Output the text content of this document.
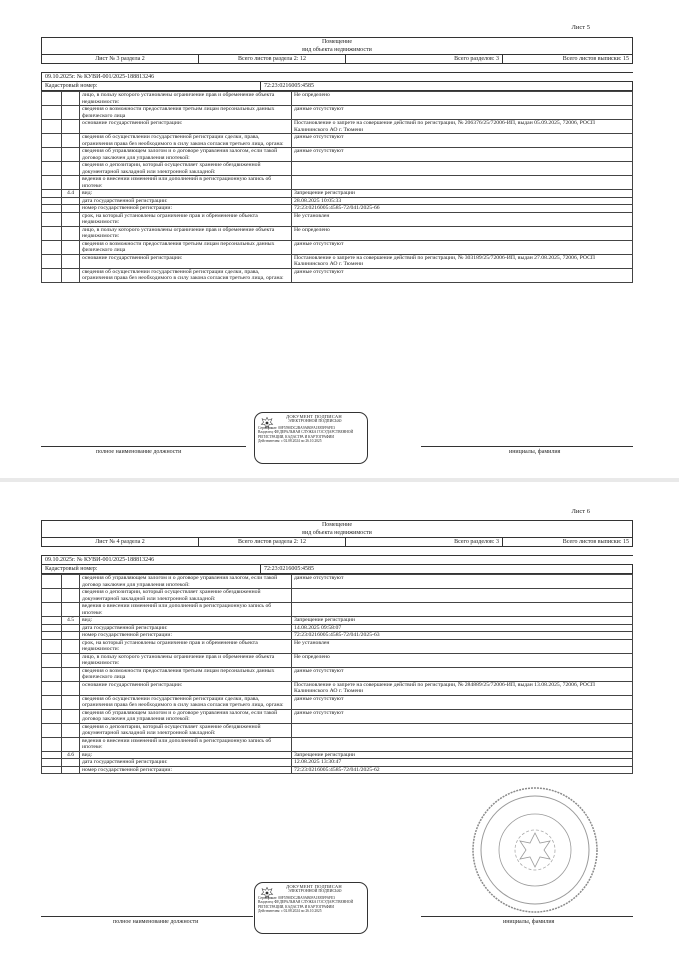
Лист 5
Помещение
вид объекта недвижимости
Лист № 3 раздела 2	Всего листов раздела 2: 12	Всего разделов: 3	Всего листов выписки: 15
09.10.2025г. № КУВИ-001/2025-188813246
Кадастровый номер:	72:23:0216005:4585
		лицо, в пользу которого установлены ограничение прав и обременение объекта недвижимости:	Не определено
		сведения о возможности предоставления третьим лицам персональных данных физического лица	данные отсутствуют
		основание государственной регистрации:	Постановление о запрете на совершение действий по регистрации, № 206376/25/72006-ИП, выдан 05.09.2025, 72006, РОСП Калининского АО г. Тюмени
		сведения об осуществлении государственной регистрации сделки, права, ограничения права без необходимого в силу закона согласия третьего лица, органа:	данные отсутствуют
		сведения об управляющем залогом и о договоре управления залогом, если такой договор заключен для управления ипотекой:	данные отсутствуют
		сведения о депозитарии, который осуществляет хранение обездвиженной документарной закладной или электронной закладной:	
		ведения о внесении изменений или дополнений в регистрационную запись об ипотеке:	
	4.4	вид:	Запрещение регистрации
		дата государственной регистрации:	28.08.2025 10:05:33
		номер государственной регистрации:	72:23:0216005:4585-72/041/2025-66
		срок, на который установлены ограничение прав и обременение объекта недвижимости:	Не установлен
		лицо, в пользу которого установлены ограничение прав и обременение объекта недвижимости:	Не определено
		сведения о возможности предоставления третьим лицам персональных данных физического лица	данные отсутствуют
		основание государственной регистрации:	Постановление о запрете на совершение действий по регистрации, № 303189/25/72006-ИП, выдан 27.08.2025, 72006, РОСП Калининского АО г. Тюмени
		сведения об осуществлении государственной регистрации сделки, права, ограничения права без необходимого в силу закона согласия третьего лица, органа:	данные отсутствуют
ДОКУМЕНТ ПОДПИСАН
ЭЛЕКТРОННОЙ ПОДПИСЬЮ
Сертификат: 00F5590DC2BA9AB0FA1E85FF6FE3
Владелец: ФЕДЕРАЛЬНАЯ СЛУЖБА ГОСУДАРСТВЕННОЙ
РЕГИСТРАЦИИ, КАДАСТРА И КАРТОГРАФИИ
Действителен: с 02.08.2024 по 26.10.2025
полное наименование должности	инициалы, фамилия
Лист 6
Помещение
вид объекта недвижимости
Лист № 4 раздела 2	Всего листов раздела 2: 12	Всего разделов: 3	Всего листов выписки: 15
09.10.2025г. № КУВИ-001/2025-188813246
Кадастровый номер:	72:23:0216005:4585
		сведения об управляющем залогом и о договоре управления залогом, если такой договор заключен для управления ипотекой:	данные отсутствуют
		сведения о депозитарии, который осуществляет хранение обездвиженной документарной закладной или электронной закладной:	
		ведения о внесении изменений или дополнений в регистрационную запись об ипотеке:	
	4.5	вид:	Запрещение регистрации
		дата государственной регистрации:	14.08.2025 09:58:07
		номер государственной регистрации:	72:23:0216005:4585-72/041/2025-63
		срок, на который установлены ограничение прав и обременение объекта недвижимости:	Не установлен
		лицо, в пользу которого установлены ограничение прав и обременение объекта недвижимости:	Не определено
		сведения о возможности предоставления третьим лицам персональных данных физического лица	данные отсутствуют
		основание государственной регистрации:	Постановление о запрете на совершение действий по регистрации, № 284889/25/72006-ИП, выдан 13.08.2025, 72006, РОСП Калининского АО г. Тюмени
		сведения об осуществлении государственной регистрации сделки, права, ограничения права без необходимого в силу закона согласия третьего лица, органа:	данные отсутствуют
		сведения об управляющем залогом и о договоре управления залогом, если такой договор заключен для управления ипотекой:	данные отсутствуют
		сведения о депозитарии, который осуществляет хранение обездвиженной документарной закладной или электронной закладной:	
		ведения о внесении изменений или дополнений в регистрационную запись об ипотеке:	
	4.6	вид:	Запрещение регистрации
		дата государственной регистрации:	12.08.2025 13:30:47
		номер государственной регистрации:	72:23:0216005:4585-72/041/2025-62
ДОКУМЕНТ ПОДПИСАН
ЭЛЕКТРОННОЙ ПОДПИСЬЮ
Сертификат: 00F5590DC2BA9AB0FA1E85FF6FE3
Владелец: ФЕДЕРАЛЬНАЯ СЛУЖБА ГОСУДАРСТВЕННОЙ
РЕГИСТРАЦИИ, КАДАСТРА И КАРТОГРАФИИ
Действителен: с 02.08.2024 по 26.10.2025
полное наименование должности	инициалы, фамилия
